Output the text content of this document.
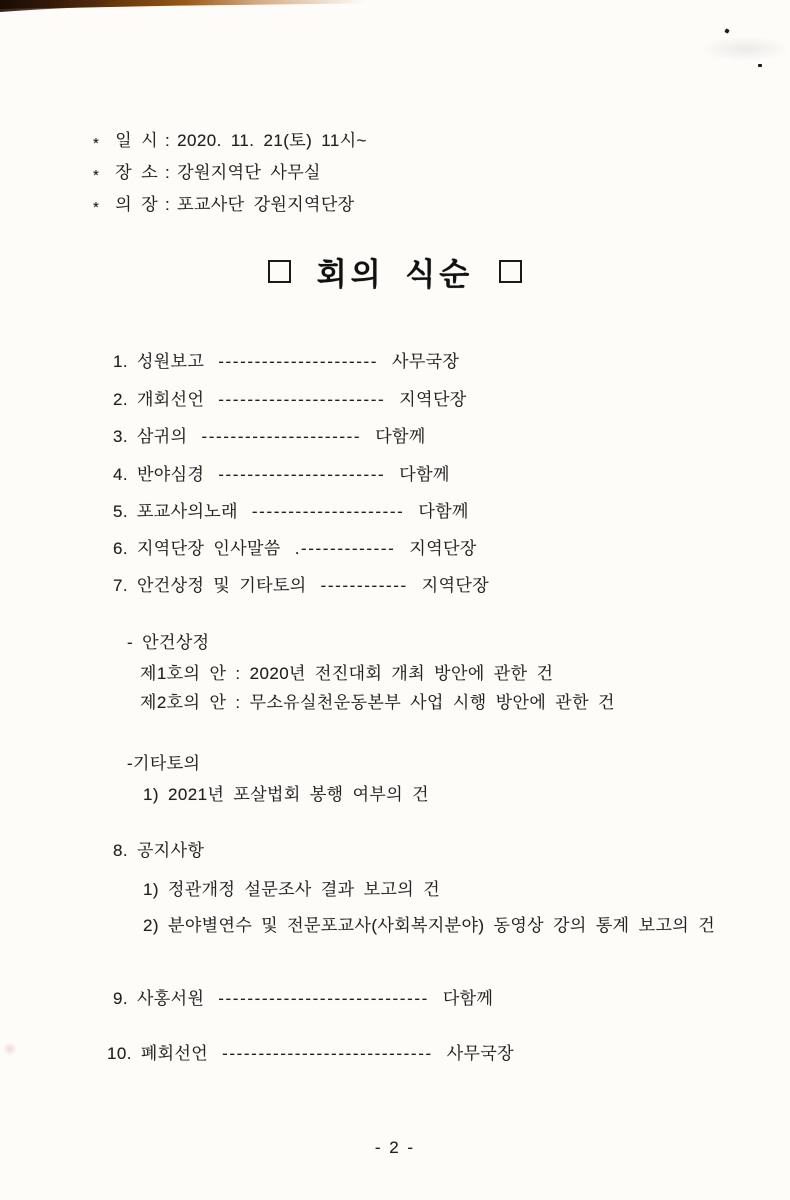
* 일 시 : 2020. 11. 21(토) 11시~
* 장 소 : 강원지역단 사무실
* 의 장 : 포교사단 강원지역단장
회의 식순
1. 성원보고 ---------------------- 사무국장
2. 개회선언 ----------------------- 지역단장
3. 삼귀의 ---------------------- 다함께
4. 반야심경 ----------------------- 다함께
5. 포교사의노래 --------------------- 다함께
6. 지역단장 인사말씀 .------------- 지역단장
7. 안건상정 및 기타토의 ------------ 지역단장
- 안건상정
제1호의 안 : 2020년 전진대회 개최 방안에 관한 건
제2호의 안 : 무소유실천운동본부 사업 시행 방안에 관한 건
-기타토의
1) 2021년 포살법회 봉행 여부의 건
8. 공지사항
1) 정관개정 설문조사 결과 보고의 건
2) 분야별연수 및 전문포교사(사회복지분야) 동영상 강의 통계 보고의 건
9. 사홍서원 ----------------------------- 다함께
10. 폐회선언 ----------------------------- 사무국장
- 2 -
